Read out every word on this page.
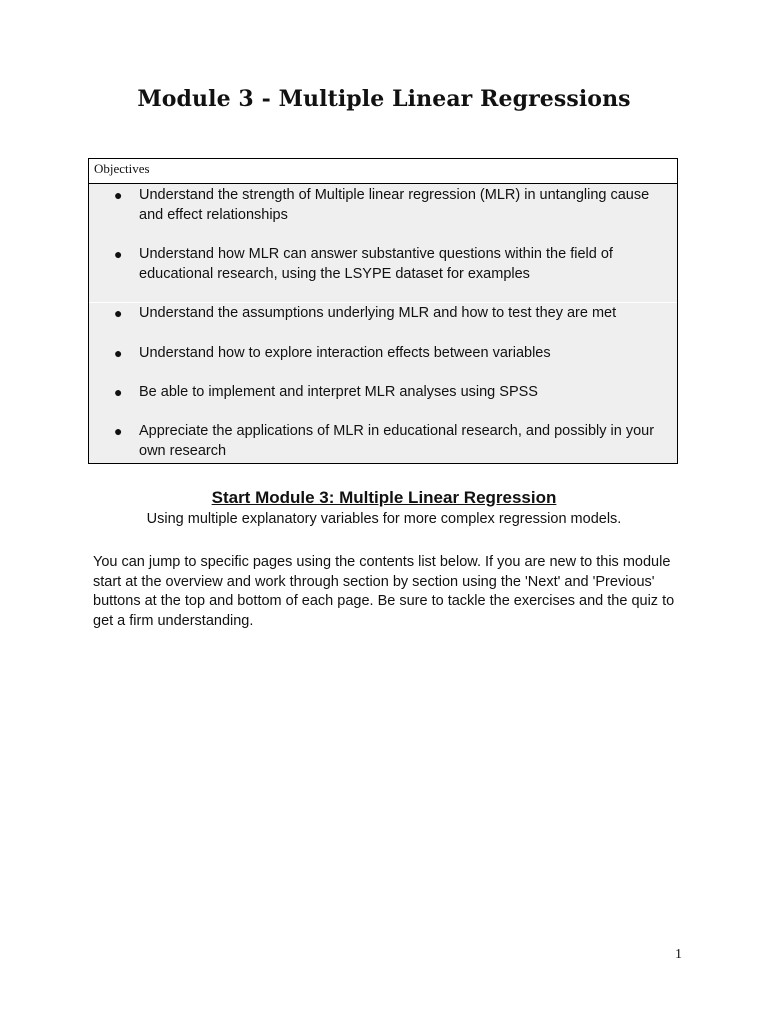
Module 3 - Multiple Linear Regressions
Objectives
● Understand the strength of Multiple linear regression (MLR) in untangling cause and effect relationships
● Understand how MLR can answer substantive questions within the field of educational research, using the LSYPE dataset for examples
● Understand the assumptions underlying MLR and how to test they are met
● Understand how to explore interaction effects between variables
● Be able to implement and interpret MLR analyses using SPSS
● Appreciate the applications of MLR in educational research, and possibly in your own research
Start Module 3: Multiple Linear Regression

Using multiple explanatory variables for more complex regression models.

You can jump to specific pages using the contents list below. If you are new to this module start at the overview and work through section by section using the 'Next' and 'Previous' buttons at the top and bottom of each page. Be sure to tackle the exercises and the quiz to get a firm understanding.

1
